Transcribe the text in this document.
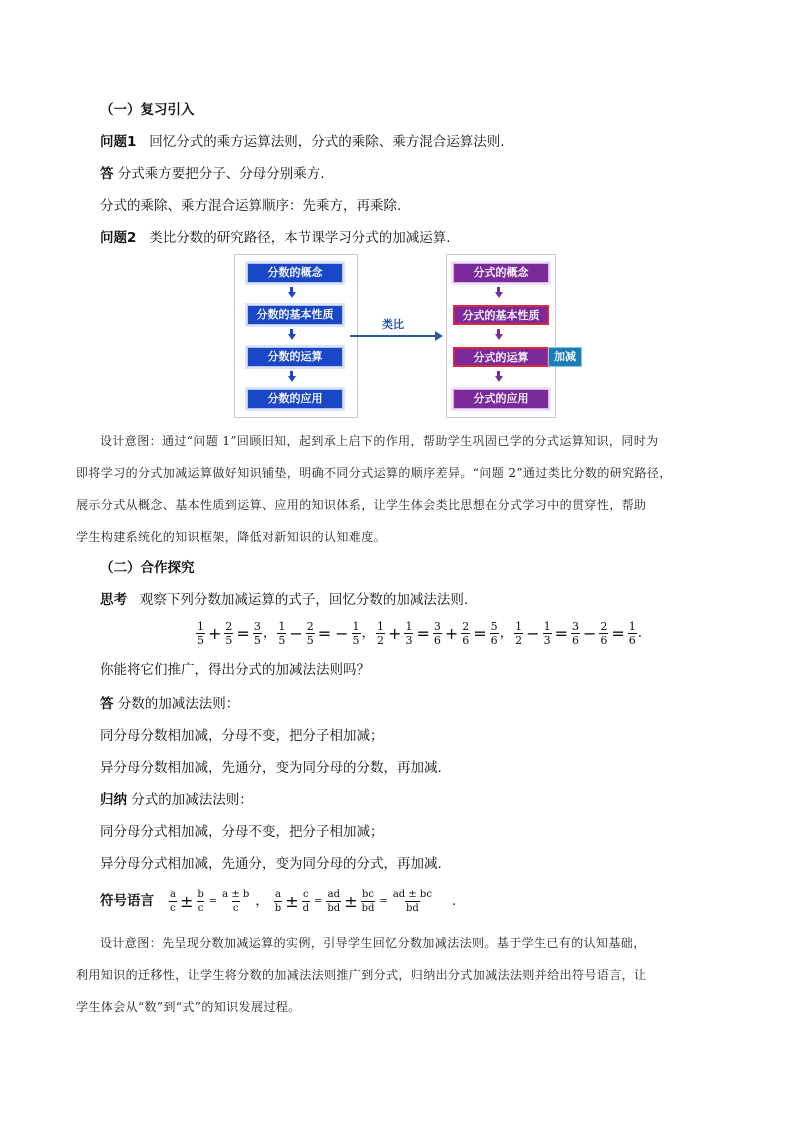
（一）复习引入
问题1 回忆分式的乘方运算法则，分式的乘除、乘方混合运算法则.
答 分式乘方要把分子、分母分别乘方.
分式的乘除、乘方混合运算顺序：先乘方，再乘除.
问题2 类比分数的研究路径，本节课学习分式的加减运算.
分数的概念
分数的基本性质
分数的运算
分数的应用
类比
分式的概念
分式的基本性质
分式的运算
分式的应用
加减
设计意图：通过“问题 1”回顾旧知，起到承上启下的作用，帮助学生巩固已学的分式运算知识，同时为
即将学习的分式加减运算做好知识铺垫，明确不同分式运算的顺序差异。“问题 2”通过类比分数的研究路径，
展示分式从概念、基本性质到运算、应用的知识体系，让学生体会类比思想在分式学习中的贯穿性，帮助
学生构建系统化的知识框架，降低对新知识的认知难度。
（二）合作探究
思考 观察下列分数加减运算的式子，回忆分数的加减法法则.
$\frac{1}{5} + \frac{2}{5} = \frac{3}{5}$ ， $\frac{1}{5} - \frac{2}{5}$ = − $\frac{1}{5}$ ， $\frac{1}{2} + \frac{1}{3} = \frac{3}{6} + \frac{2}{6} = \frac{5}{6}$ ， $\frac{1}{2} - \frac{1}{3} = \frac{3}{6} - \frac{2}{6} = \frac{1}{6}$ .
你能将它们推广，得出分式的加减法法则吗？
答 分数的加减法法则：
同分母分数相加减，分母不变，把分子相加减；
异分母分数相加减，先通分，变为同分母的分数，再加减.
归纳 分式的加减法法则：
同分母分式相加减，分母不变，把分子相加减；
异分母分式相加减，先通分，变为同分母的分式，再加减.
符号语言 $\frac{a}{c} \pm \frac{b}{c} = \frac{a \pm b}{c}$ ， $\frac{a}{b} \pm \frac{c}{d} = \frac{ad}{bd} \pm \frac{bc}{bd} = \frac{ad \pm bc}{bd}$ .
设计意图：先呈现分数加减运算的实例，引导学生回忆分数加减法法则。基于学生已有的认知基础，
利用知识的迁移性，让学生将分数的加减法法则推广到分式，归纳出分式加减法法则并给出符号语言，让
学生体会从“数”到“式”的知识发展过程。
